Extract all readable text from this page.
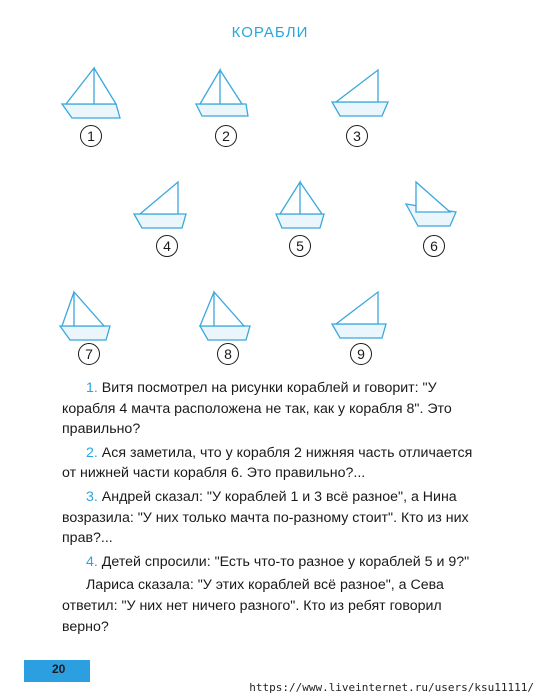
КОРАБЛИ

1. Витя посмотрел на рисунки кораблей и говорит: "У корабля 4 мачта расположена не так, как у корабля 8". Это правильно?

2. Ася заметила, что у корабля 2 нижняя часть отличается от нижней части корабля 6. Это правильно?...

3. Андрей сказал: "У кораблей 1 и 3 всё разное", а Нина возразила: "У них только мачта по-разному стоит". Кто из них прав?...

4. Детей спросили: "Есть что-то разное у кораблей 5 и 9?"

Лариса сказала: "У этих кораблей всё разное", а Сева ответил: "У них нет ничего разного". Кто из ребят говорил верно?

20
https://www.liveinternet.ru/users/ksu11111/
1	2	3
4	5	6
7	8	9
